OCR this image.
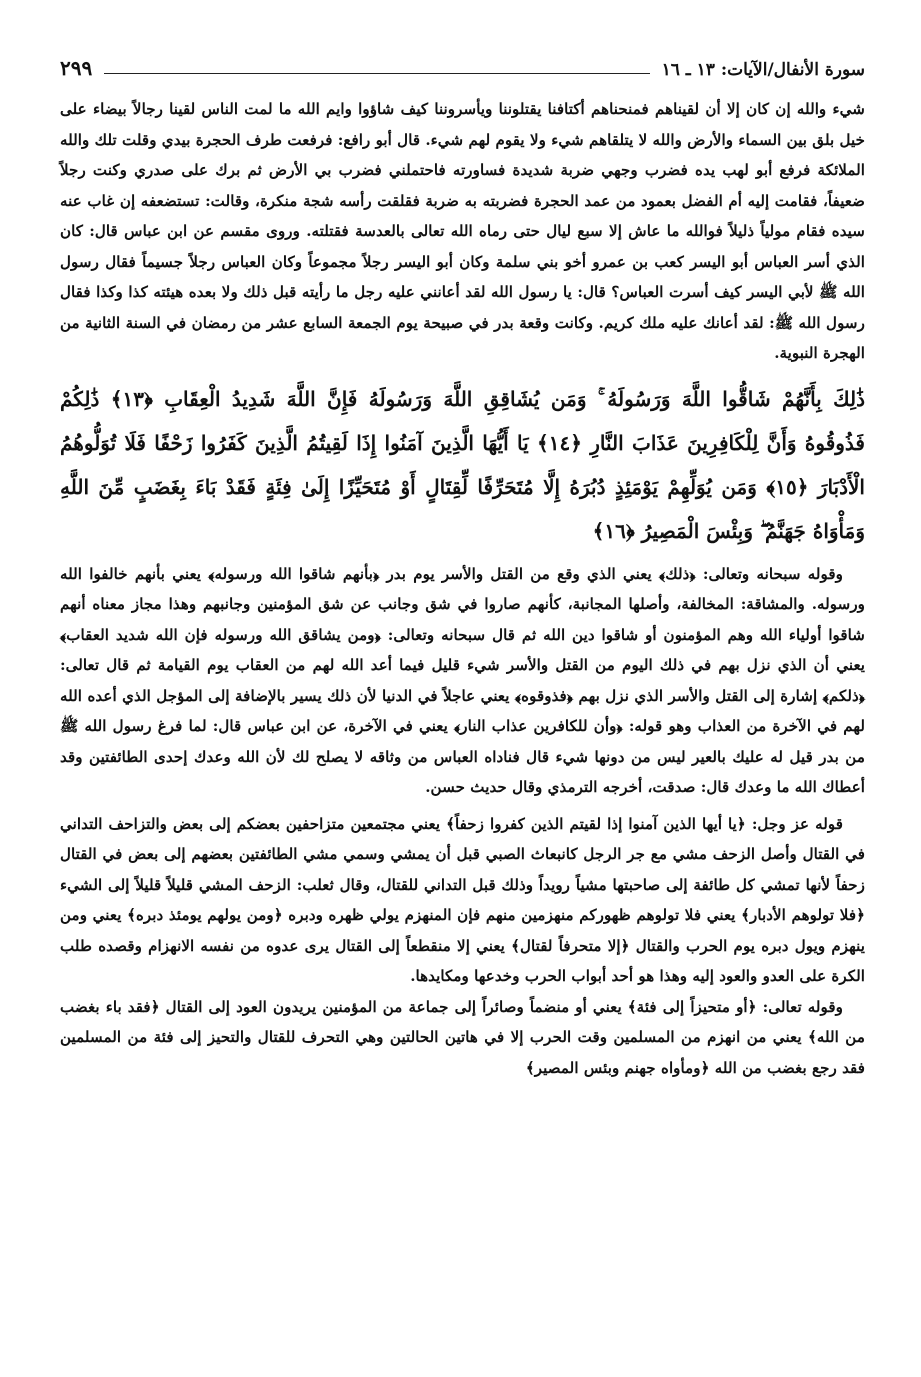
سورة الأنفال/الآيات: ١٣ ـ ١٦
٢٩٩

شيء والله إن كان إلا أن لقيناهم فمنحناهم أكتافنا يقتلوننا ويأسروننا كيف شاؤوا وايم الله ما لمت الناس لقينا رجالاً بيضاء على خيل بلق بين السماء والأرض والله لا يتلقاهم شيء ولا يقوم لهم شيء. قال أبو رافع: فرفعت طرف الحجرة بيدي وقلت تلك والله الملائكة فرفع أبو لهب يده فضرب وجهي ضربة شديدة فساورته فاحتملني فضرب بي الأرض ثم برك على صدري وكنت رجلاً ضعيفاً، فقامت إليه أم الفضل بعمود من عمد الحجرة فضربته به ضربة فقلقت رأسه شجة منكرة، وقالت: تستضعفه إن غاب عنه سيده فقام مولياً ذليلاً فوالله ما عاش إلا سبع ليال حتى رماه الله تعالى بالعدسة فقتلته. وروى مقسم عن ابن عباس قال: كان الذي أسر العباس أبو اليسر كعب بن عمرو أخو بني سلمة وكان أبو اليسر رجلاً مجموعاً وكان العباس رجلاً جسيماً فقال رسول الله ﷺ لأبي اليسر كيف أسرت العباس؟ قال: يا رسول الله لقد أعانني عليه رجل ما رأيته قبل ذلك ولا بعده هيئته كذا وكذا فقال رسول الله ﷺ: لقد أعانك عليه ملك كريم. وكانت وقعة بدر في صبيحة يوم الجمعة السابع عشر من رمضان في السنة الثانية من الهجرة النبوية.

ذَٰلِكَ بِأَنَّهُمْ شَاقُّوا اللَّهَ وَرَسُولَهُ ۚ وَمَن يُشَاقِقِ اللَّهَ وَرَسُولَهُ فَإِنَّ اللَّهَ شَدِيدُ الْعِقَابِ ﴿١٣﴾ ذَٰلِكُمْ فَذُوقُوهُ وَأَنَّ لِلْكَافِرِينَ عَذَابَ النَّارِ ﴿١٤﴾ يَا أَيُّهَا الَّذِينَ آمَنُوا إِذَا لَقِيتُمُ الَّذِينَ كَفَرُوا زَحْفًا فَلَا تُوَلُّوهُمُ الْأَدْبَارَ ﴿١٥﴾ وَمَن يُوَلِّهِمْ يَوْمَئِذٍ دُبُرَهُ إِلَّا مُتَحَرِّفًا لِّقِتَالٍ أَوْ مُتَحَيِّزًا إِلَىٰ فِئَةٍ فَقَدْ بَاءَ بِغَضَبٍ مِّنَ اللَّهِ وَمَأْوَاهُ جَهَنَّمُ ۖ وَبِئْسَ الْمَصِيرُ ﴿١٦﴾

وقوله سبحانه وتعالى: ﴿ذلك﴾ يعني الذي وقع من القتل والأسر يوم بدر ﴿بأنهم شاقوا الله ورسوله﴾ يعني بأنهم خالفوا الله ورسوله. والمشاقة: المخالفة، وأصلها المجانبة، كأنهم صاروا في شق وجانب عن شق المؤمنين وجانبهم وهذا مجاز معناه أنهم شاقوا أولياء الله وهم المؤمنون أو شاقوا دين الله ثم قال سبحانه وتعالى: ﴿ومن يشاقق الله ورسوله فإن الله شديد العقاب﴾ يعني أن الذي نزل بهم في ذلك اليوم من القتل والأسر شيء قليل فيما أعد الله لهم من العقاب يوم القيامة ثم قال تعالى: ﴿ذلكم﴾ إشارة إلى القتل والأسر الذي نزل بهم ﴿فذوقوه﴾ يعني عاجلاً في الدنيا لأن ذلك يسير بالإضافة إلى المؤجل الذي أعده الله لهم في الآخرة من العذاب وهو قوله: ﴿وأن للكافرين عذاب النار﴾ يعني في الآخرة، عن ابن عباس قال: لما فرغ رسول الله ﷺ من بدر قيل له عليك بالعير ليس من دونها شيء قال فناداه العباس من وثاقه لا يصلح لك لأن الله وعدك إحدى الطائفتين وقد أعطاك الله ما وعدك قال: صدقت، أخرجه الترمذي وقال حديث حسن.

قوله عز وجل: ﴿يا أيها الذين آمنوا إذا لقيتم الذين كفروا زحفاً﴾ يعني مجتمعين متزاحفين بعضكم إلى بعض والتزاحف التداني في القتال وأصل الزحف مشي مع جر الرجل كانبعاث الصبي قبل أن يمشي وسمي مشي الطائفتين بعضهم إلى بعض في القتال زحفاً لأنها تمشي كل طائفة إلى صاحبتها مشياً رويداً وذلك قبل التداني للقتال، وقال ثعلب: الزحف المشي قليلاً قليلاً إلى الشيء ﴿فلا تولوهم الأدبار﴾ يعني فلا تولوهم ظهوركم منهزمين منهم فإن المنهزم يولي ظهره ودبره ﴿ومن يولهم يومئذ دبره﴾ يعني ومن ينهزم ويول دبره يوم الحرب والقتال ﴿إلا متحرفاً لقتال﴾ يعني إلا منقطعاً إلى القتال يرى عدوه من نفسه الانهزام وقصده طلب الكرة على العدو والعود إليه وهذا هو أحد أبواب الحرب وخدعها ومكايدها.

وقوله تعالى: ﴿أو متحيزاً إلى فئة﴾ يعني أو منضماً وصائراً إلى جماعة من المؤمنين يريدون العود إلى القتال ﴿فقد باء بغضب من الله﴾ يعني من انهزم من المسلمين وقت الحرب إلا في هاتين الحالتين وهي التحرف للقتال والتحيز إلى فئة من المسلمين فقد رجع بغضب من الله ﴿ومأواه جهنم وبئس المصير﴾
